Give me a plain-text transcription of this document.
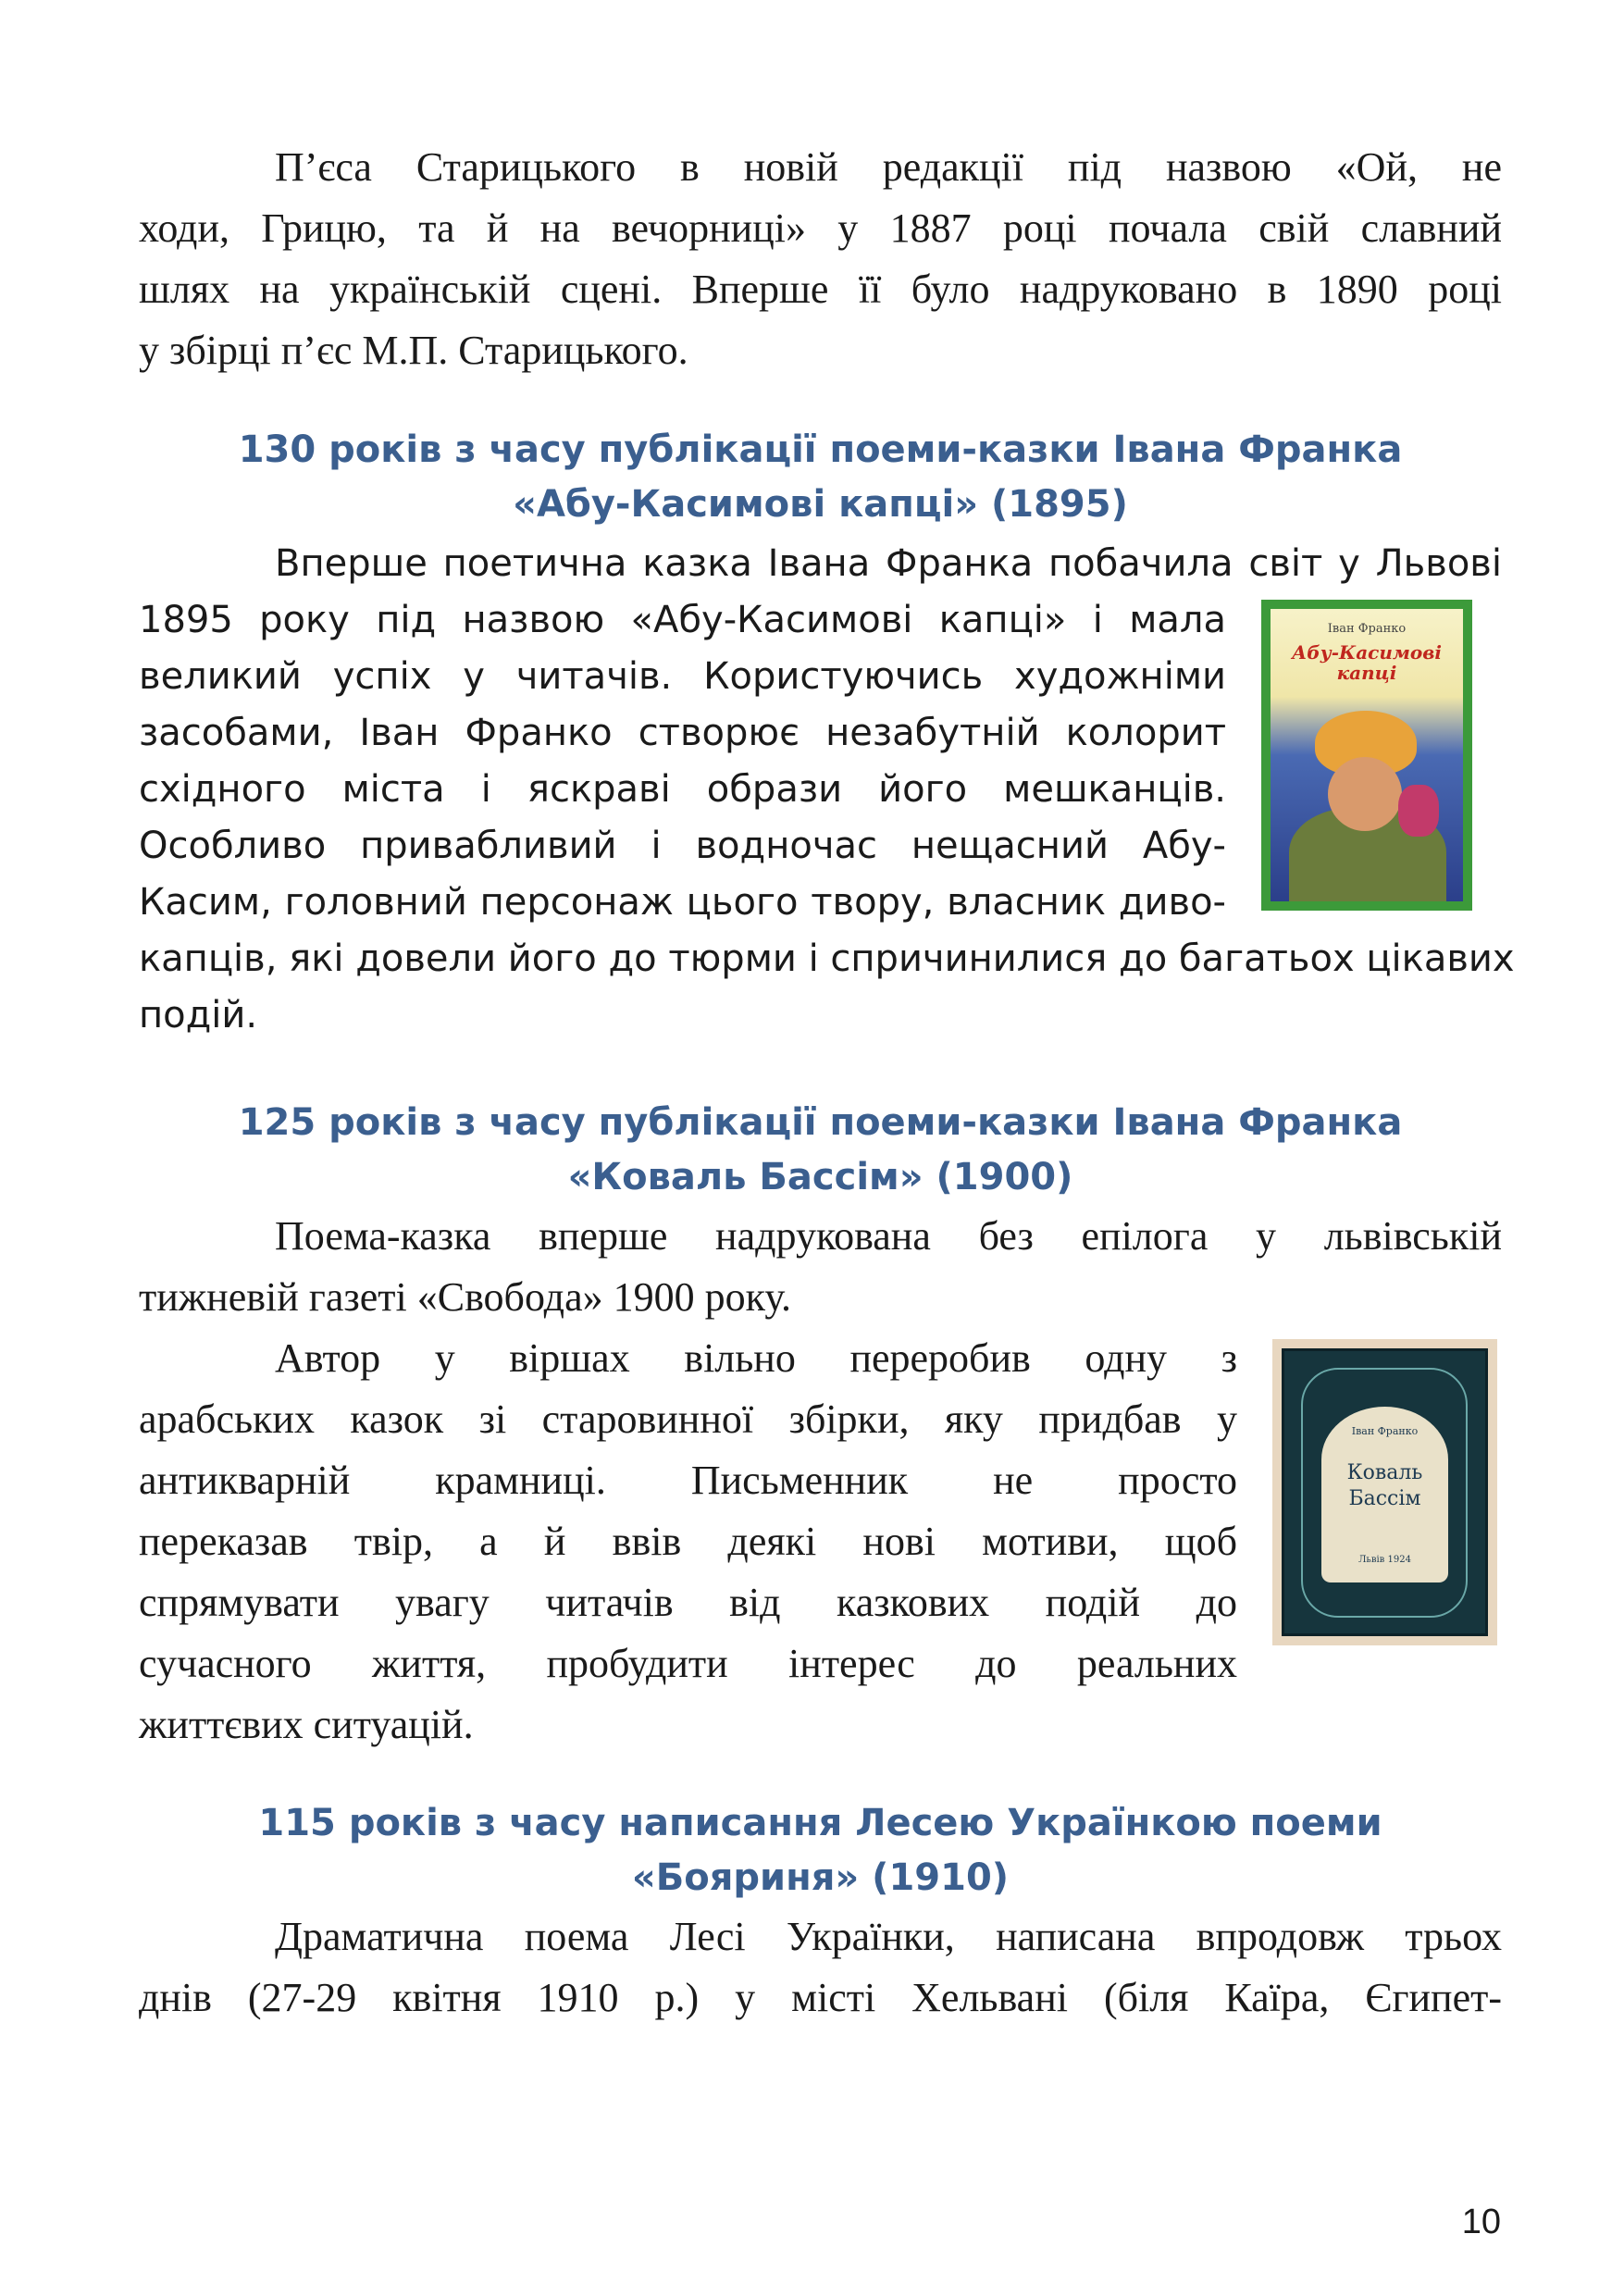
П’єса Старицького в новій редакції під назвою «Ой, не
ходи, Грицю, та й на вечорниці» у 1887 році почала свій славний
шлях на українській сцені. Вперше її було надруковано в 1890 році
у збірці п’єс М.П. Старицького.
130 років з часу публікації поеми-казки Івана Франка
«Абу-Касимові капці» (1895)
Вперше поетична казка Івана Франка побачила світ у Львові
1895 року під назвою «Абу-Касимові капці» і мала
великий успіх у читачів. Користуючись художніми
засобами, Іван Франко створює незабутній колорит
східного міста і яскраві образи його мешканців.
Особливо привабливий і водночас нещасний Абу-
Касим, головний персонаж цього твору, власник диво-
капців, які довели його до тюрми і спричинилися до багатьох цікавих
подій.
Іван Франко
Абу-Касимові капці
125 років з часу публікації поеми-казки Івана Франка
«Коваль Бассім» (1900)
Поема-казка вперше надрукована без епілога у львівській
тижневій газеті «Свобода» 1900 року.
Автор у віршах вільно переробив одну з
арабських казок зі старовинної збірки, яку придбав у
антикварній крамниці. Письменник не просто
переказав твір, а й ввів деякі нові мотиви, щоб
спрямувати увагу читачів від казкових подій до
сучасного життя, пробудити інтерес до реальних
життєвих ситуацій.
Іван Франко
Коваль Бассім
Львів 1924
115 років з часу написання Лесею Українкою поеми
«Бояриня» (1910)
Драматична поема Лесі Українки, написана впродовж трьох
днів (27-29 квітня 1910 р.) у місті Хельвані (біля Каїра, Єгипет-
10
